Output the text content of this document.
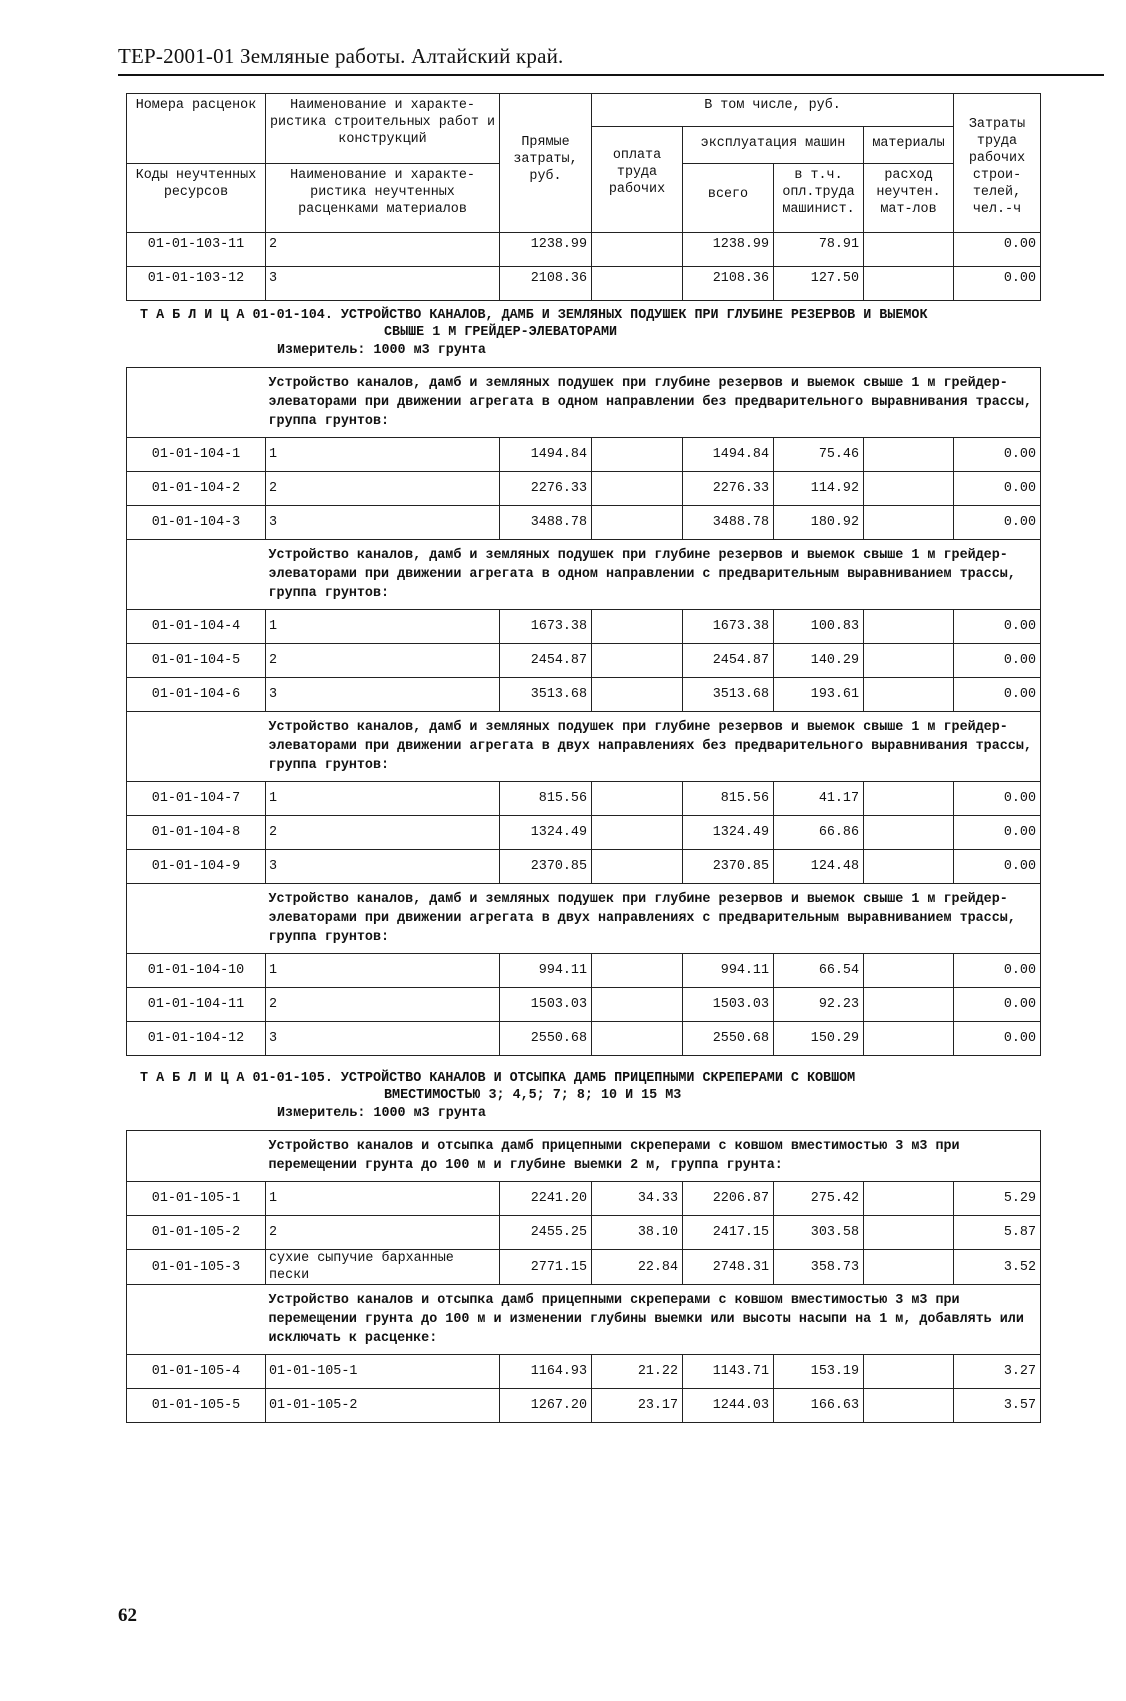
ТЕР-2001-01 Земляные работы. Алтайский край.
Номера расценок	Наименование и характе-ристика строительных работ и конструкций	Прямые затраты, руб.	В том числе, руб.				Затраты труда рабочих строи-телей, чел.-ч
			оплата труда рабочих	эксплуатация машин		материалы	
Коды неучтенных ресурсов	Наименование и характе-ристика неучтенных расценками материалов			всего	в т.ч. опл.труда машинист.	расход неучтен. мат-лов	
01-01-103-11	2	1238.99		1238.99	78.91		0.00
01-01-103-12	3	2108.36		2108.36	127.50		0.00
Т А Б Л И Ц А 01-01-104. УСТРОЙСТВО КАНАЛОВ, ДАМБ И ЗЕМЛЯНЫХ ПОДУШЕК ПРИ ГЛУБИНЕ РЕЗЕРВОВ И ВЫЕМОК
СВЫШЕ 1 М ГРЕЙДЕР-ЭЛЕВАТОРАМИ
Измеритель: 1000 м3 грунта
	Устройство каналов, дамб и земляных подушек при глубине резервов и выемок свыше 1 м грейдер-элеваторами при движении агрегата в одном направлении без предварительного выравнивания трассы, группа грунтов:						
01-01-104-1	1	1494.84		1494.84	75.46		0.00
01-01-104-2	2	2276.33		2276.33	114.92		0.00
01-01-104-3	3	3488.78		3488.78	180.92		0.00
	Устройство каналов, дамб и земляных подушек при глубине резервов и выемок свыше 1 м грейдер-элеваторами при движении агрегата в одном направлении с предварительным выравниванием трассы, группа грунтов:						
01-01-104-4	1	1673.38		1673.38	100.83		0.00
01-01-104-5	2	2454.87		2454.87	140.29		0.00
01-01-104-6	3	3513.68		3513.68	193.61		0.00
	Устройство каналов, дамб и земляных подушек при глубине резервов и выемок свыше 1 м грейдер-элеваторами при движении агрегата в двух направлениях без предварительного выравнивания трассы, группа грунтов:						
01-01-104-7	1	815.56		815.56	41.17		0.00
01-01-104-8	2	1324.49		1324.49	66.86		0.00
01-01-104-9	3	2370.85		2370.85	124.48		0.00
	Устройство каналов, дамб и земляных подушек при глубине резервов и выемок свыше 1 м грейдер-элеваторами при движении агрегата в двух направлениях с предварительным выравниванием трассы, группа грунтов:						
01-01-104-10	1	994.11		994.11	66.54		0.00
01-01-104-11	2	1503.03		1503.03	92.23		0.00
01-01-104-12	3	2550.68		2550.68	150.29		0.00
Т А Б Л И Ц А 01-01-105. УСТРОЙСТВО КАНАЛОВ И ОТСЫПКА ДАМБ ПРИЦЕПНЫМИ СКРЕПЕРАМИ С КОВШОМ
ВМЕСТИМОСТЬЮ 3; 4,5; 7; 8; 10 И 15 М3
Измеритель: 1000 м3 грунта
	Устройство каналов и отсыпка дамб прицепными скреперами с ковшом вместимостью 3 м3 при перемещении грунта до 100 м и глубине выемки 2 м, группа грунта:						
01-01-105-1	1	2241.20	34.33	2206.87	275.42		5.29
01-01-105-2	2	2455.25	38.10	2417.15	303.58		5.87
01-01-105-3	сухие сыпучие барханные пески	2771.15	22.84	2748.31	358.73		3.52
	Устройство каналов и отсыпка дамб прицепными скреперами с ковшом вместимостью 3 м3 при перемещении грунта до 100 м и изменении глубины выемки или высоты насыпи на 1 м, добавлять или исключать к расценке:						
01-01-105-4	01-01-105-1	1164.93	21.22	1143.71	153.19		3.27
01-01-105-5	01-01-105-2	1267.20	23.17	1244.03	166.63		3.57
62
